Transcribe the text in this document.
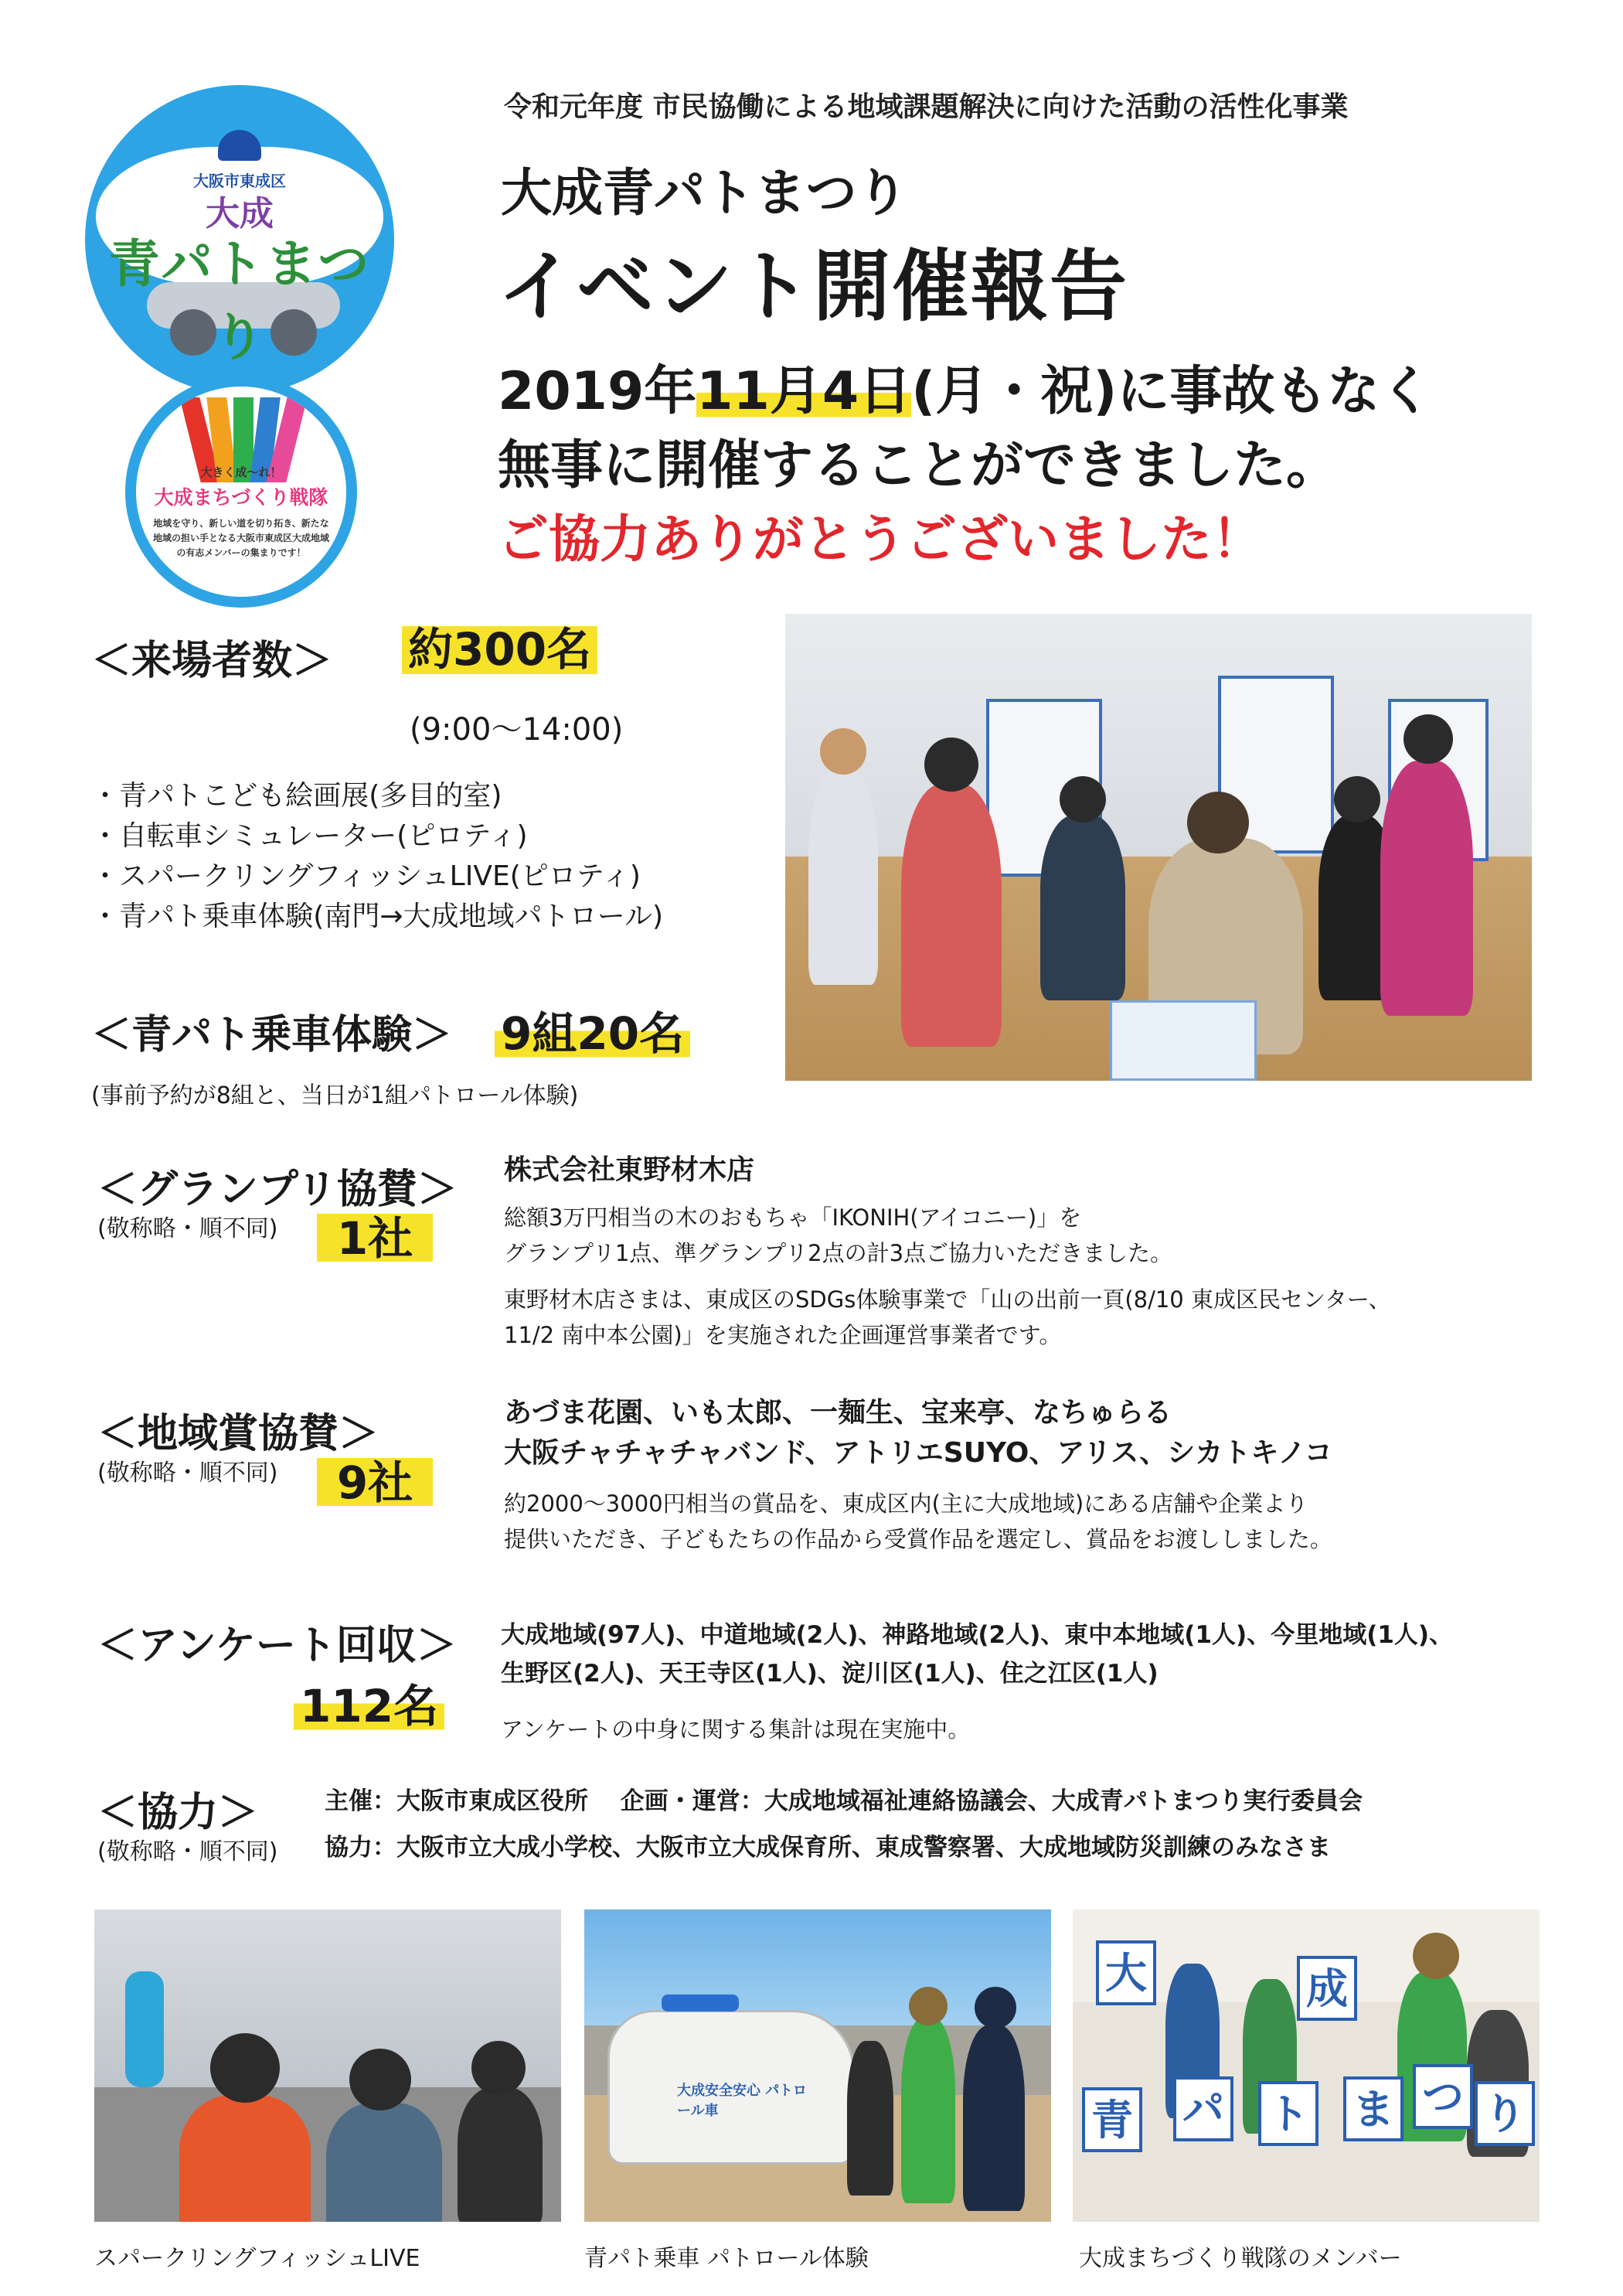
大阪市東成区
大成
青パトまつり
大きく成〜れ！
大成まちづくり戦隊
地域を守り、新しい道を切り拓き、新たな地域の担い手となる大阪市東成区大成地域の有志メンバーの集まりです！
令和元年度 市民協働による地域課題解決に向けた活動の活性化事業
大成青パトまつり
イベント開催報告
2019年11月4日(月・祝)に事故もなく
無事に開催することができました。
ご協力ありがとうございました！
＜来場者数＞ 約300名
(9:00〜14:00)
・青パトこども絵画展(多目的室)
・自転車シミュレーター(ピロティ)
・スパークリングフィッシュLIVE(ピロティ)
・青パト乗車体験(南門→大成地域パトロール)
＜青パト乗車体験＞ 9組20名
(事前予約が8組と、当日が1組パトロール体験)
＜グランプリ協賛＞
(敬称略・順不同)	1社
株式会社東野材木店
総額3万円相当の木のおもちゃ「IKONIH(アイコニー)」を
グランプリ1点、準グランプリ2点の計3点ご協力いただきました。
東野材木店さまは、東成区のSDGs体験事業で「山の出前一頁(8/10 東成区民センター、
11/2 南中本公園)」を実施された企画運営事業者です。
＜地域賞協賛＞
(敬称略・順不同)	9社
あづま花園、いも太郎、一麺生、宝来亭、なちゅらる
大阪チャチャチャバンド、アトリエSUYO、アリス、シカトキノコ
約2000〜3000円相当の賞品を、東成区内(主に大成地域)にある店舗や企業より
提供いただき、子どもたちの作品から受賞作品を選定し、賞品をお渡ししました。
＜アンケート回収＞
112名
大成地域(97人)、中道地域(2人)、神路地域(2人)、東中本地域(1人)、今里地域(1人)、
生野区(2人)、天王寺区(1人)、淀川区(1人)、住之江区(1人)
アンケートの中身に関する集計は現在実施中。
＜協力＞
(敬称略・順不同)
主催：大阪市東成区役所　 企画・運営：大成地域福祉連絡協議会、大成青パトまつり実行委員会
協力：大阪市立大成小学校、大阪市立大成保育所、東成警察署、大成地域防災訓練のみなさま
スパークリングフィッシュLIVE
大成安全安心 パトロール車
青パト乗車 パトロール体験
大	成
青 パ ト ま つ り
大成まちづくり戦隊のメンバー
